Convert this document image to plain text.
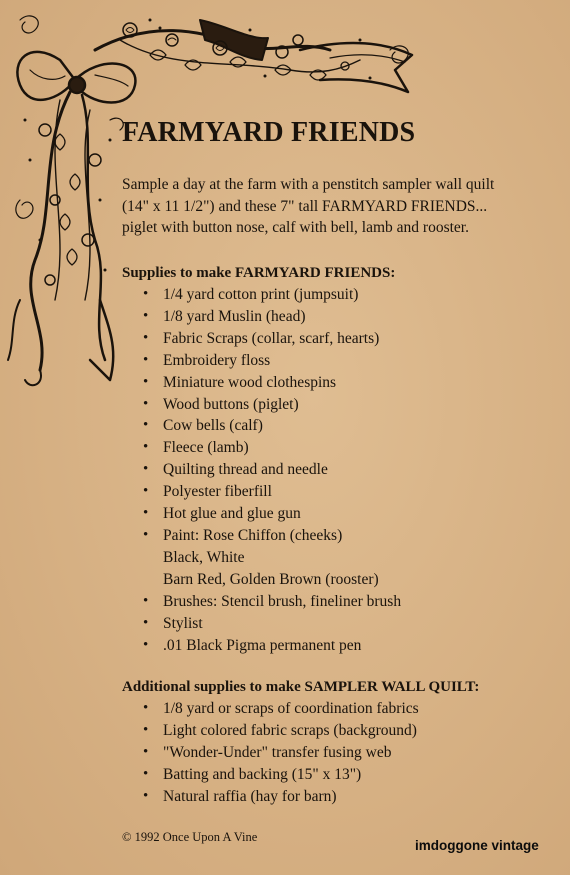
FARMYARD FRIENDS

Sample a day at the farm with a penstitch sampler wall quilt (14" x 11 1/2") and these 7" tall FARMYARD FRIENDS... piglet with button nose, calf with bell, lamb and rooster.

Supplies to make FARMYARD FRIENDS:
• 1/4 yard cotton print (jumpsuit)
• 1/8 yard Muslin (head)
• Fabric Scraps (collar, scarf, hearts)
• Embroidery floss
• Miniature wood clothespins
• Wood buttons (piglet)
• Cow bells (calf)
• Fleece (lamb)
• Quilting thread and needle
• Polyester fiberfill
• Hot glue and glue gun
• Paint: Rose Chiffon (cheeks)
Black, White
Barn Red, Golden Brown (rooster)
• Brushes: Stencil brush, fineliner brush
• Stylist
• .01 Black Pigma permanent pen
Additional supplies to make SAMPLER WALL QUILT:
• 1/8 yard or scraps of coordination fabrics
• Light colored fabric scraps (background)
• "Wonder-Under" transfer fusing web
• Batting and backing (15" x 13")
• Natural raffia (hay for barn)

© 1992 Once Upon A Vine

imdoggone vintage
